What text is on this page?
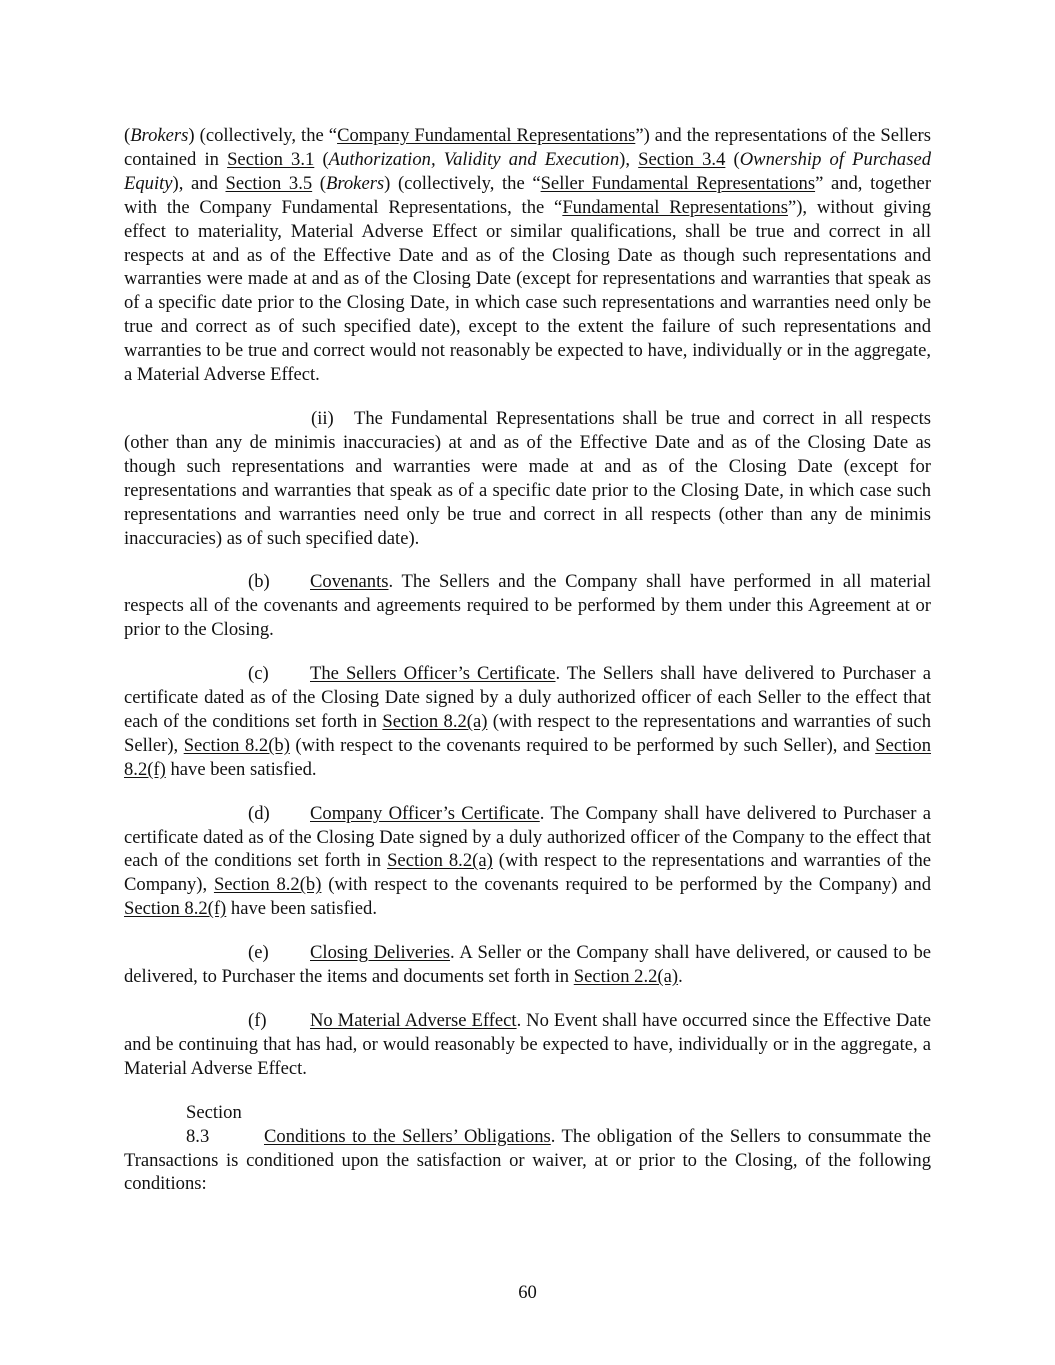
(Brokers) (collectively, the “Company Fundamental Representations”) and the representations of the Sellers contained in Section 3.1 (Authorization, Validity and Execution), Section 3.4 (Ownership of Purchased Equity), and Section 3.5 (Brokers) (collectively, the “Seller Fundamental Representations” and, together with the Company Fundamental Representations, the “Fundamental Representations”), without giving effect to materiality, Material Adverse Effect or similar qualifications, shall be true and correct in all respects at and as of the Effective Date and as of the Closing Date as though such representations and warranties were made at and as of the Closing Date (except for representations and warranties that speak as of a specific date prior to the Closing Date, in which case such representations and warranties need only be true and correct as of such specified date), except to the extent the failure of such representations and warranties to be true and correct would not reasonably be expected to have, individually or in the aggregate, a Material Adverse Effect.

(ii) The Fundamental Representations shall be true and correct in all respects (other than any de minimis inaccuracies) at and as of the Effective Date and as of the Closing Date as though such representations and warranties were made at and as of the Closing Date (except for representations and warranties that speak as of a specific date prior to the Closing Date, in which case such representations and warranties need only be true and correct in all respects (other than any de minimis inaccuracies) as of such specified date).

(b) Covenants. The Sellers and the Company shall have performed in all material respects all of the covenants and agreements required to be performed by them under this Agreement at or prior to the Closing.

(c) The Sellers Officer’s Certificate. The Sellers shall have delivered to Purchaser a certificate dated as of the Closing Date signed by a duly authorized officer of each Seller to the effect that each of the conditions set forth in Section 8.2(a) (with respect to the representations and warranties of such Seller), Section 8.2(b) (with respect to the covenants required to be performed by such Seller), and Section 8.2(f) have been satisfied.

(d) Company Officer’s Certificate. The Company shall have delivered to Purchaser a certificate dated as of the Closing Date signed by a duly authorized officer of the Company to the effect that each of the conditions set forth in Section 8.2(a) (with respect to the representations and warranties of the Company), Section 8.2(b) (with respect to the covenants required to be performed by the Company) and Section 8.2(f) have been satisfied.

(e) Closing Deliveries. A Seller or the Company shall have delivered, or caused to be delivered, to Purchaser the items and documents set forth in Section 2.2(a).

(f) No Material Adverse Effect. No Event shall have occurred since the Effective Date and be continuing that has had, or would reasonably be expected to have, individually or in the aggregate, a Material Adverse Effect.

Section 8.3	Conditions to the Sellers’ Obligations. The obligation of the Sellers to consummate the Transactions is conditioned upon the satisfaction or waiver, at or prior to the Closing, of the following conditions:

60
